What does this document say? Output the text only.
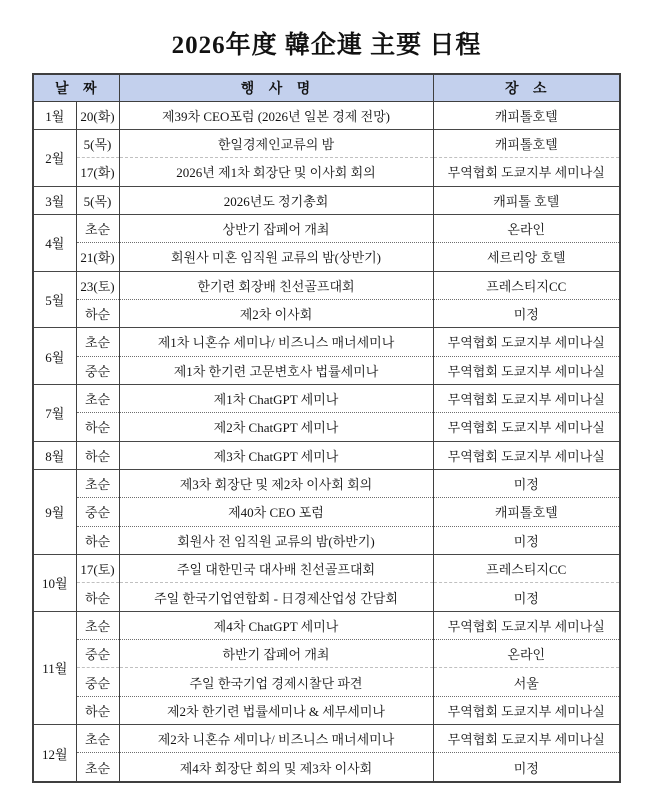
2026年度 韓企連 主要 日程
날 짜		행 사 명	장 소
1월	20(화)	제39차 CEO포럼 (2026년 일본 경제 전망)	캐피톨호텔
2월	5(목)	한일경제인교류의 밤	캐피톨호텔
	17(화)	2026년 제1차 회장단 및 이사회 회의	무역협회 도쿄지부 세미나실
3월	5(목)	2026년도 정기총회	캐피톨 호텔
4월	초순	상반기 잡페어 개최	온라인
	21(화)	회원사 미혼 임직원 교류의 밤(상반기)	세르리앙 호텔
5월	23(토)	한기련 회장배 친선골프대회	프레스티지CC
	하순	제2차 이사회	미정
6월	초순	제1차 니혼슈 세미나/ 비즈니스 매너세미나	무역협회 도쿄지부 세미나실
	중순	제1차 한기련 고문변호사 법률세미나	무역협회 도쿄지부 세미나실
7월	초순	제1차 ChatGPT 세미나	무역협회 도쿄지부 세미나실
	하순	제2차 ChatGPT 세미나	무역협회 도쿄지부 세미나실
8월	하순	제3차 ChatGPT 세미나	무역협회 도쿄지부 세미나실
9월	초순	제3차 회장단 및 제2차 이사회 회의	미정
	중순	제40차 CEO 포럼	캐피톨호텔
	하순	회원사 전 임직원 교류의 밤(하반기)	미정
10월	17(토)	주일 대한민국 대사배 친선골프대회	프레스티지CC
	하순	주일 한국기업연합회 - 日경제산업성 간담회	미정
11월	초순	제4차 ChatGPT 세미나	무역협회 도쿄지부 세미나실
	중순	하반기 잡페어 개최	온라인
	중순	주일 한국기업 경제시찰단 파견	서울
	하순	제2차 한기련 법률세미나 & 세무세미나	무역협회 도쿄지부 세미나실
12월	초순	제2차 니혼슈 세미나/ 비즈니스 매너세미나	무역협회 도쿄지부 세미나실
	초순	제4차 회장단 회의 및 제3차 이사회	미정
